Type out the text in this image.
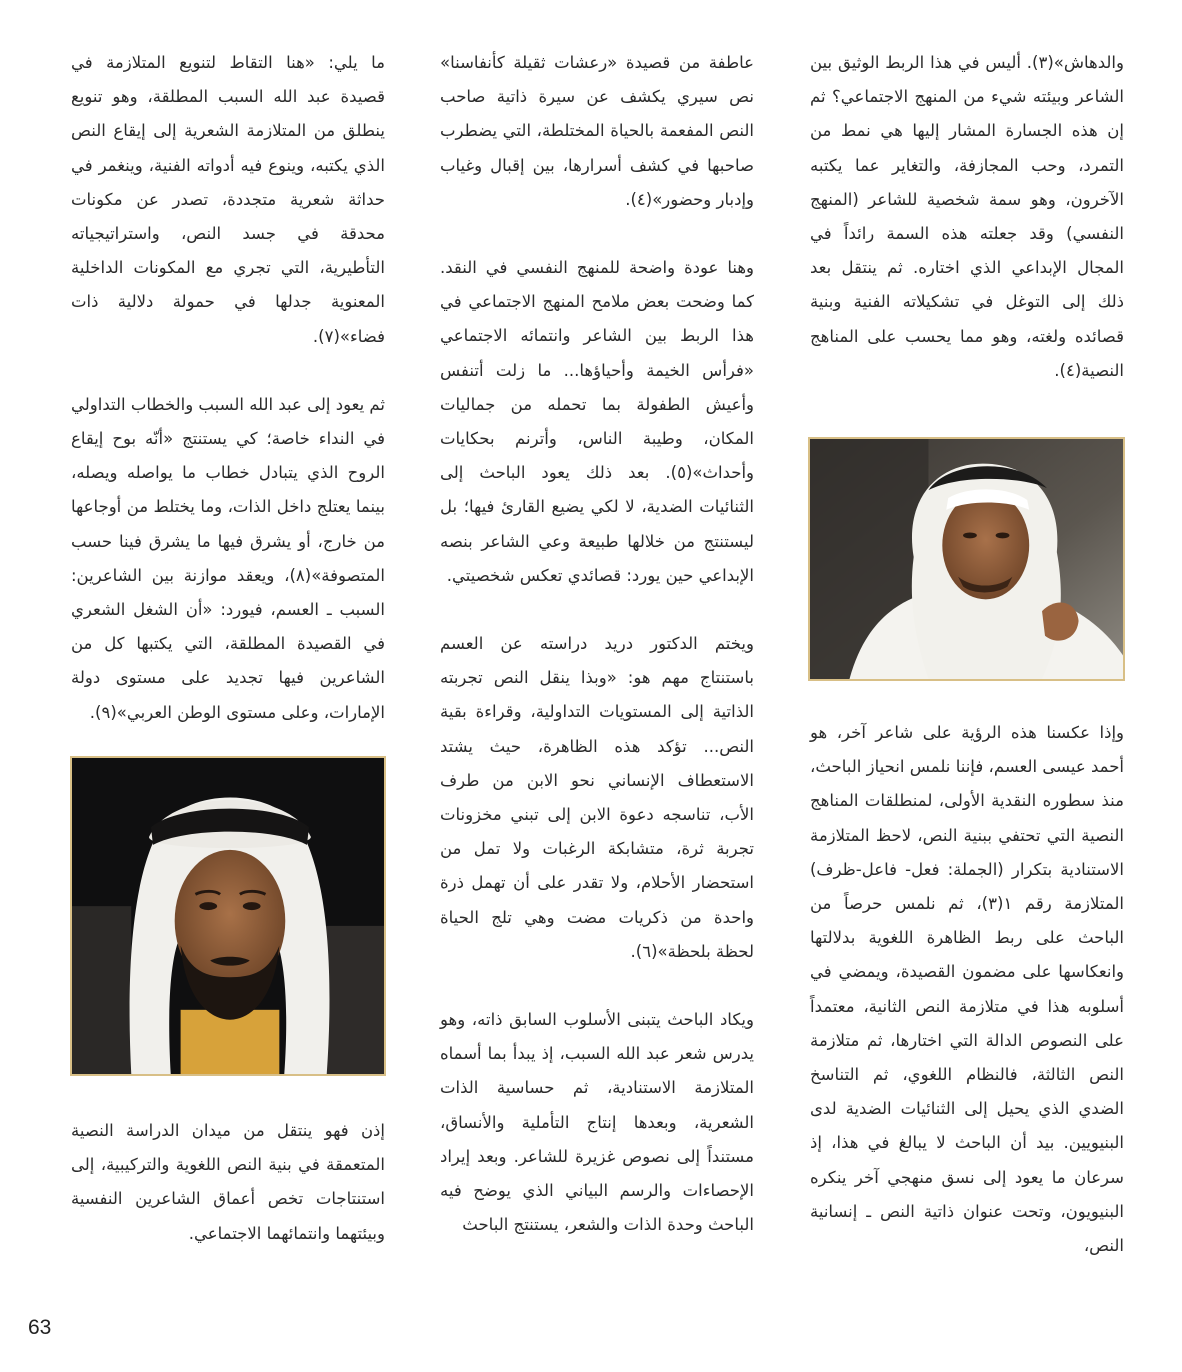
والدهاش»(٣). أليس في هذا الربط الوثيق بين الشاعر وبيئته شيء من المنهج الاجتماعي؟ ثم إن هذه الجسارة المشار إليها هي نمط من التمرد، وحب المجازفة، والتغاير عما يكتبه الآخرون، وهو سمة شخصية للشاعر (المنهج النفسي) وقد جعلته هذه السمة رائداً في المجال الإبداعي الذي اختاره. ثم ينتقل بعد ذلك إلى التوغل في تشكيلاته الفنية وبنية قصائده ولغته، وهو مما يحسب على المناهج النصية(٤).

وإذا عكسنا هذه الرؤية على شاعر آخر، هو أحمد عيسى العسم، فإننا نلمس انحياز الباحث، منذ سطوره النقدية الأولى، لمنطلقات المناهج النصية التي تحتفي ببنية النص، لاحظ المتلازمة الاستنادية بتكرار (الجملة: فعل- فاعل-ظرف) المتلازمة رقم ١(٣)، ثم نلمس حرصاً من الباحث على ربط الظاهرة اللغوية بدلالتها وانعكاسها على مضمون القصيدة، ويمضي في أسلوبه هذا في متلازمة النص الثانية، معتمداً على النصوص الدالة التي اختارها، ثم متلازمة النص الثالثة، فالنظام اللغوي، ثم التناسخ الضدي الذي يحيل إلى الثنائيات الضدية لدى البنيويين. بيد أن الباحث لا يبالغ في هذا، إذ سرعان ما يعود إلى نسق منهجي آخر ينكره البنيويون، وتحت عنوان ذاتية النص ـ إنسانية النص،

عاطفة من قصيدة «رعشات ثقيلة كأنفاسنا» نص سيري يكشف عن سيرة ذاتية صاحب النص المفعمة بالحياة المختلطة، التي يضطرب صاحبها في كشف أسرارها، بين إقبال وغياب وإدبار وحضور»(٤).

وهنا عودة واضحة للمنهج النفسي في النقد. كما وضحت بعض ملامح المنهج الاجتماعي في هذا الربط بين الشاعر وانتمائه الاجتماعي «فرأس الخيمة وأحياؤها... ما زلت أتنفس وأعيش الطفولة بما تحمله من جماليات المكان، وطيبة الناس، وأترنم بحكايات وأحداث»(٥). بعد ذلك يعود الباحث إلى الثنائيات الضدية، لا لكي يضيع القارئ فيها؛ بل ليستنتج من خلالها طبيعة وعي الشاعر بنصه الإبداعي حين يورد: قصائدي تعكس شخصيتي.

ويختم الدكتور دريد دراسته عن العسم باستنتاج مهم هو: «وبذا ينقل النص تجربته الذاتية إلى المستويات التداولية، وقراءة بقية النص... تؤكد هذه الظاهرة، حيث يشتد الاستعطاف الإنساني نحو الابن من طرف الأب، تناسجه دعوة الابن إلى تبني مخزونات تجربة ثرة، متشابكة الرغبات ولا تمل من استحضار الأحلام، ولا تقدر على أن تهمل ذرة واحدة من ذكريات مضت وهي تلج الحياة لحظة بلحظة»(٦).

ويكاد الباحث يتبنى الأسلوب السابق ذاته، وهو يدرس شعر عبد الله السبب، إذ يبدأ بما أسماه المتلازمة الاستنادية، ثم حساسية الذات الشعرية، وبعدها إنتاج التأملية والأنساق، مستنداً إلى نصوص غزيرة للشاعر. وبعد إيراد الإحصاءات والرسم البياني الذي يوضح فيه الباحث وحدة الذات والشعر، يستنتج الباحث

ما يلي: «هنا التقاط لتنويع المتلازمة في قصيدة عبد الله السبب المطلقة، وهو تنويع ينطلق من المتلازمة الشعرية إلى إيقاع النص الذي يكتبه، وينوع فيه أدواته الفنية، وينغمر في حداثة شعرية متجددة، تصدر عن مكونات محدقة في جسد النص، واستراتيجياته التأطيرية، التي تجري مع المكونات الداخلية المعنوية جدلها في حمولة دلالية ذات فضاء»(٧).

ثم يعود إلى عبد الله السبب والخطاب التداولي في النداء خاصة؛ كي يستنتج «أنّه بوح إيقاع الروح الذي يتبادل خطاب ما يواصله ويصله، بينما يعتلج داخل الذات، وما يختلط من أوجاعها من خارج، أو يشرق فيها ما يشرق فينا حسب المتصوفة»(٨)، ويعقد موازنة بين الشاعرين: السبب ـ العسم، فيورد: «أن الشغل الشعري في القصيدة المطلقة، التي يكتبها كل من الشاعرين فيها تجديد على مستوى دولة الإمارات، وعلى مستوى الوطن العربي»(٩).

إذن فهو ينتقل من ميدان الدراسة النصية المتعمقة في بنية النص اللغوية والتركيبية، إلى استنتاجات تخص أعماق الشاعرين النفسية وبيئتهما وانتمائهما الاجتماعي.

63
